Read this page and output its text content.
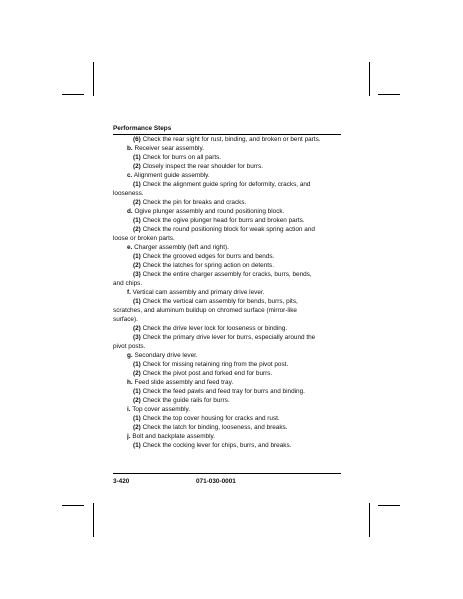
Performance Steps
(6) Check the rear sight for rust, binding, and broken or bent parts.
b. Receiver sear assembly.
(1) Check for burrs on all parts.
(2) Closely inspect the rear shoulder for burrs.
c. Alignment guide assembly.
(1) Check the alignment guide spring for deformity, cracks, and
looseness.
(2) Check the pin for breaks and cracks.
d. Ogive plunger assembly and round positioning block.
(1) Check the ogive plunger head for burrs and broken parts.
(2) Check the round positioning block for weak spring action and
loose or broken parts.
e. Charger assembly (left and right).
(1) Check the grooved edges for burrs and bends.
(2) Check the latches for spring action on detents.
(3) Check the entire charger assembly for cracks, burrs, bends,
and chips.
f. Vertical cam assembly and primary drive lever.
(1) Check the vertical cam assembly for bends, burrs, pits,
scratches, and aluminum buildup on chromed surface (mirror-like
surface).
(2) Check the drive lever lock for looseness or binding.
(3) Check the primary drive lever for burrs, especially around the
pivot posts.
g. Secondary drive lever.
(1) Check for missing retaining ring from the pivot post.
(2) Check the pivot post and forked end for burrs.
h. Feed slide assembly and feed tray.
(1) Check the feed pawls and feed tray for burrs and binding.
(2) Check the guide rails for burrs.
i. Top cover assembly.
(1) Check the top cover housing for cracks and rust.
(2) Check the latch for binding, looseness, and breaks.
j. Bolt and backplate assembly.
(1) Check the cocking lever for chips, burrs, and breaks.
3-420	071-030-0001
